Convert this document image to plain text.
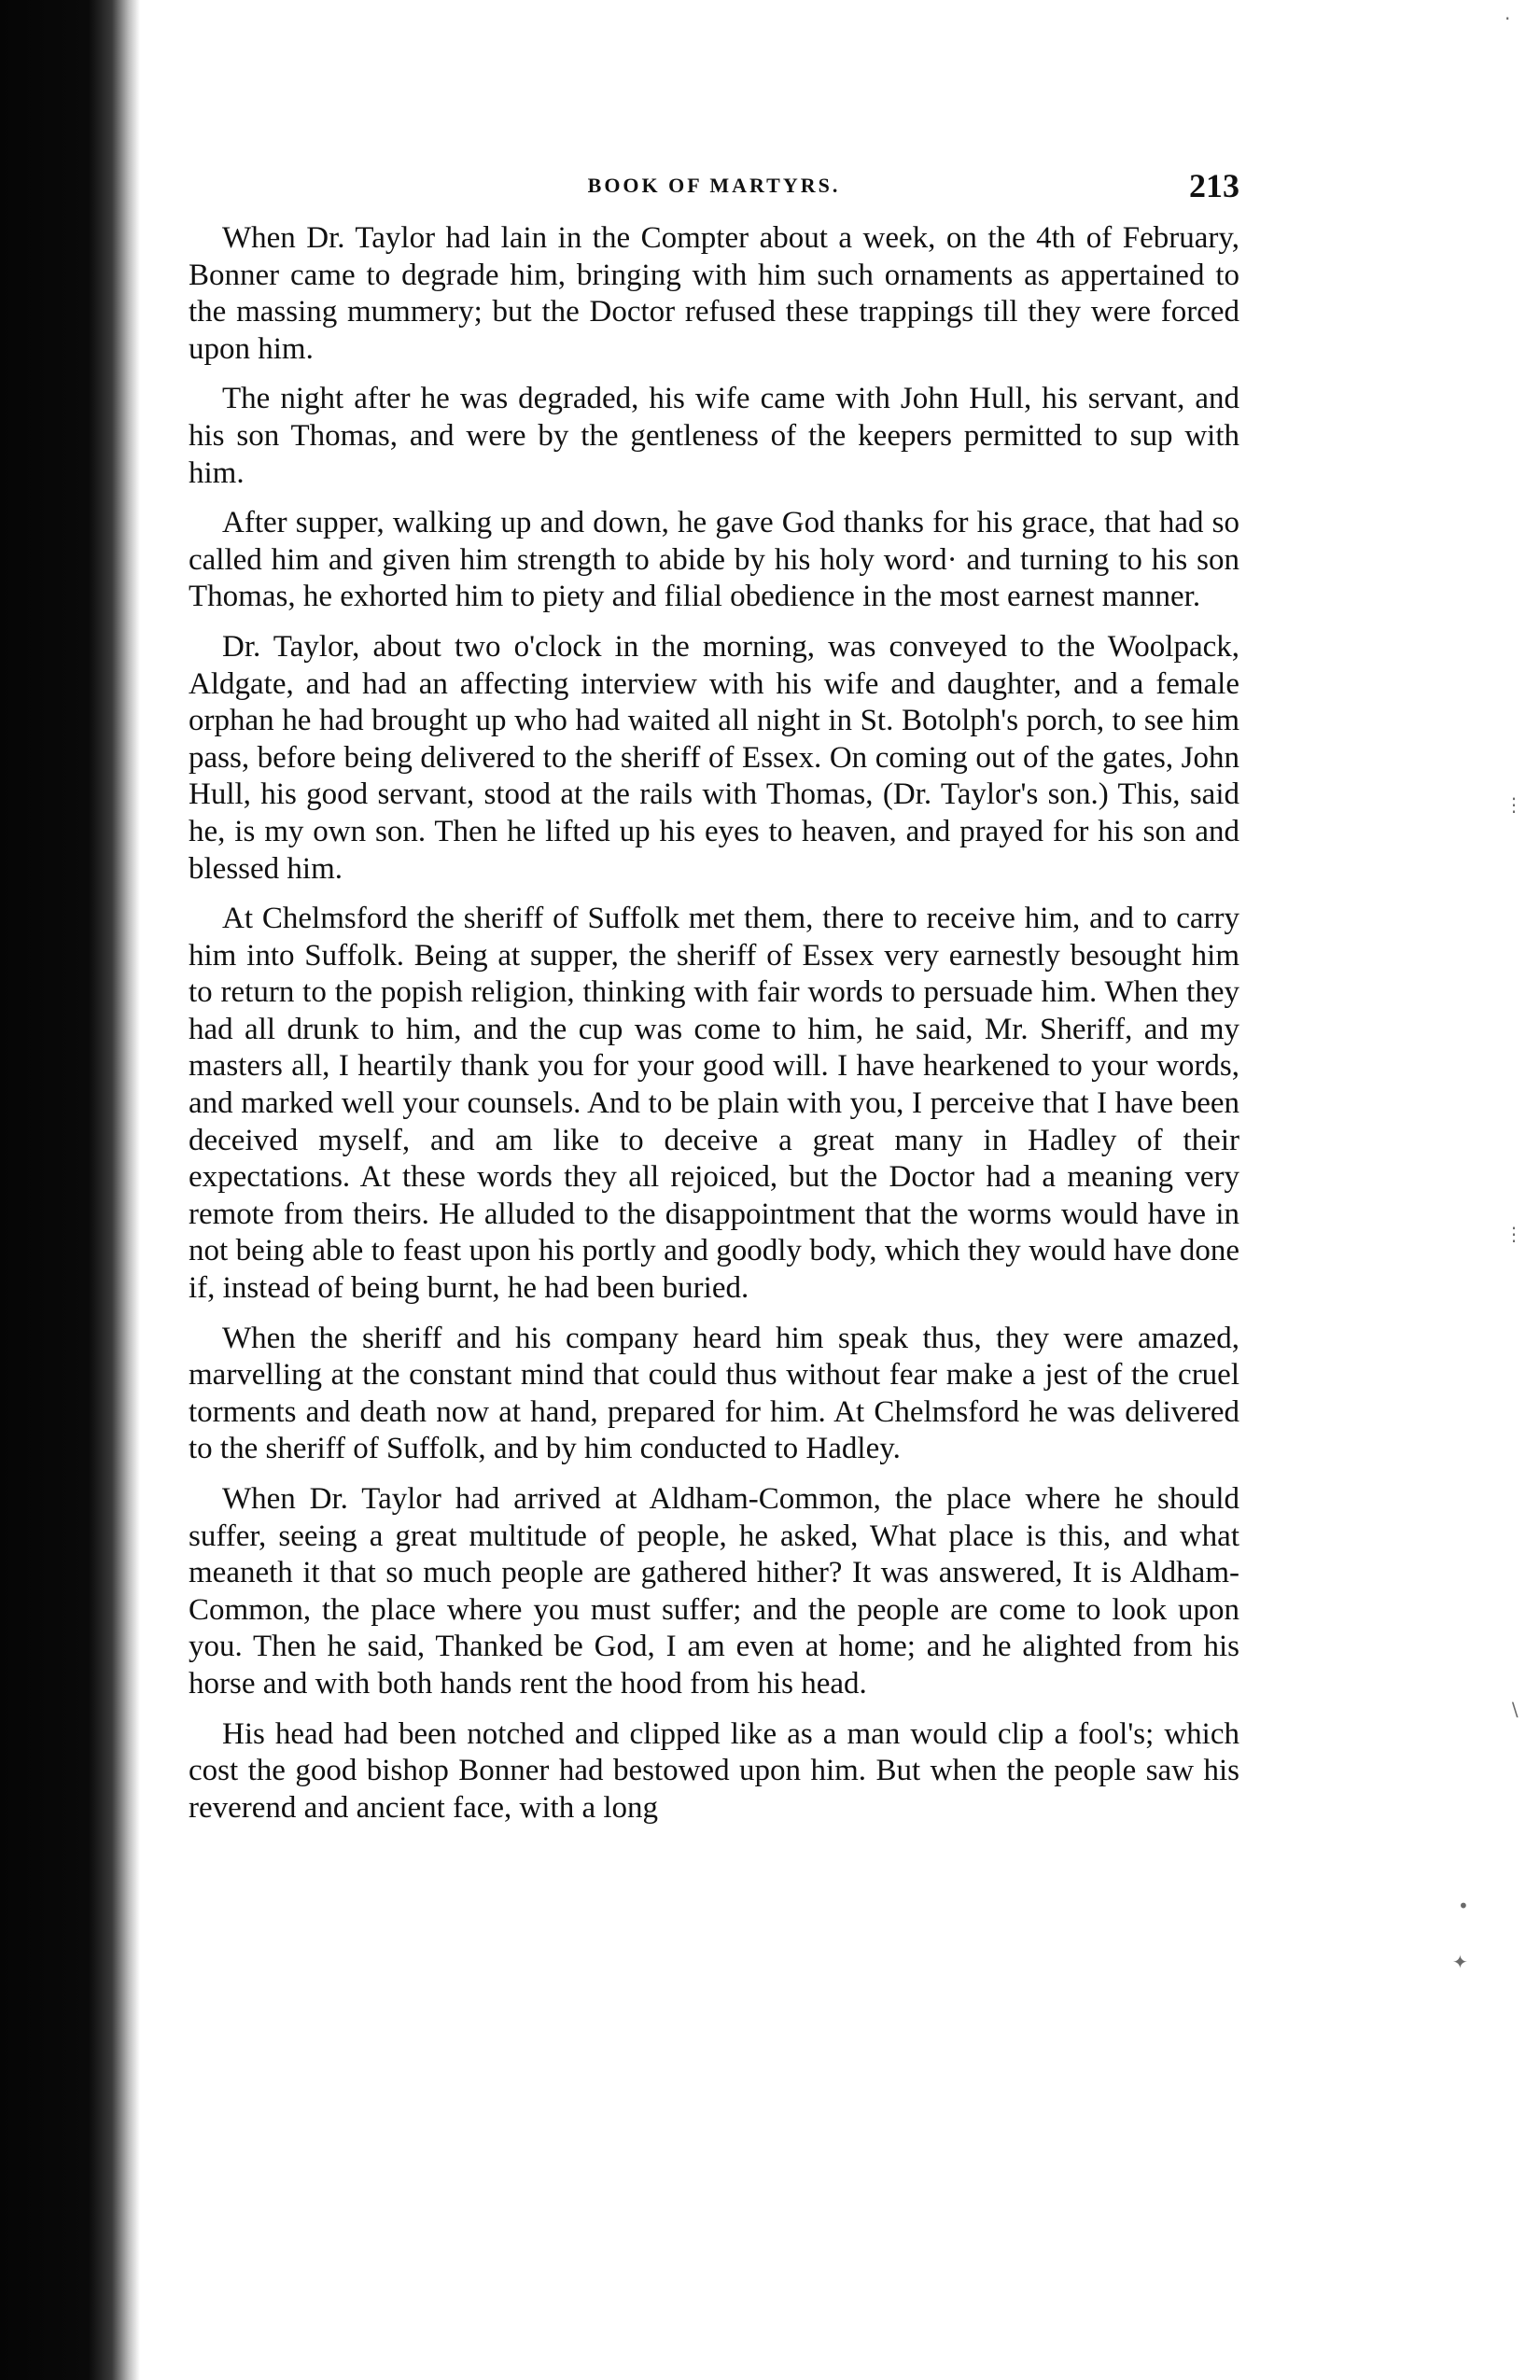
.
⋮
⋮
∖
•
✦
BOOK OF MARTYRS.	213

When Dr. Taylor had lain in the Compter about a week, on the 4th of February, Bonner came to degrade him, bringing with him such ornaments as appertained to the massing mummery; but the Doctor refused these trappings till they were forced upon him.

The night after he was degraded, his wife came with John Hull, his servant, and his son Thomas, and were by the gentleness of the keepers permitted to sup with him.

After supper, walking up and down, he gave God thanks for his grace, that had so called him and given him strength to abide by his holy word· and turning to his son Thomas, he exhorted him to piety and filial obedience in the most earnest manner.

Dr. Taylor, about two o'clock in the morning, was conveyed to the Woolpack, Aldgate, and had an affecting interview with his wife and daughter, and a female orphan he had brought up who had waited all night in St. Botolph's porch, to see him pass, before being delivered to the sheriff of Essex. On coming out of the gates, John Hull, his good servant, stood at the rails with Thomas, (Dr. Taylor's son.) This, said he, is my own son. Then he lifted up his eyes to heaven, and prayed for his son and blessed him.

At Chelmsford the sheriff of Suffolk met them, there to receive him, and to carry him into Suffolk. Being at supper, the sheriff of Essex very earnestly besought him to return to the popish religion, thinking with fair words to persuade him. When they had all drunk to him, and the cup was come to him, he said, Mr. Sheriff, and my masters all, I heartily thank you for your good will. I have hearkened to your words, and marked well your counsels. And to be plain with you, I perceive that I have been deceived myself, and am like to deceive a great many in Hadley of their expectations. At these words they all rejoiced, but the Doctor had a meaning very remote from theirs. He alluded to the disappointment that the worms would have in not being able to feast upon his portly and goodly body, which they would have done if, instead of being burnt, he had been buried.

When the sheriff and his company heard him speak thus, they were amazed, marvelling at the constant mind that could thus without fear make a jest of the cruel torments and death now at hand, prepared for him. At Chelmsford he was delivered to the sheriff of Suffolk, and by him conducted to Hadley.

When Dr. Taylor had arrived at Aldham-Common, the place where he should suffer, seeing a great multitude of people, he asked, What place is this, and what meaneth it that so much people are gathered hither? It was answered, It is Aldham-Common, the place where you must suffer; and the people are come to look upon you. Then he said, Thanked be God, I am even at home; and he alighted from his horse and with both hands rent the hood from his head.

His head had been notched and clipped like as a man would clip a fool's; which cost the good bishop Bonner had bestowed upon him. But when the people saw his reverend and ancient face, with a long
